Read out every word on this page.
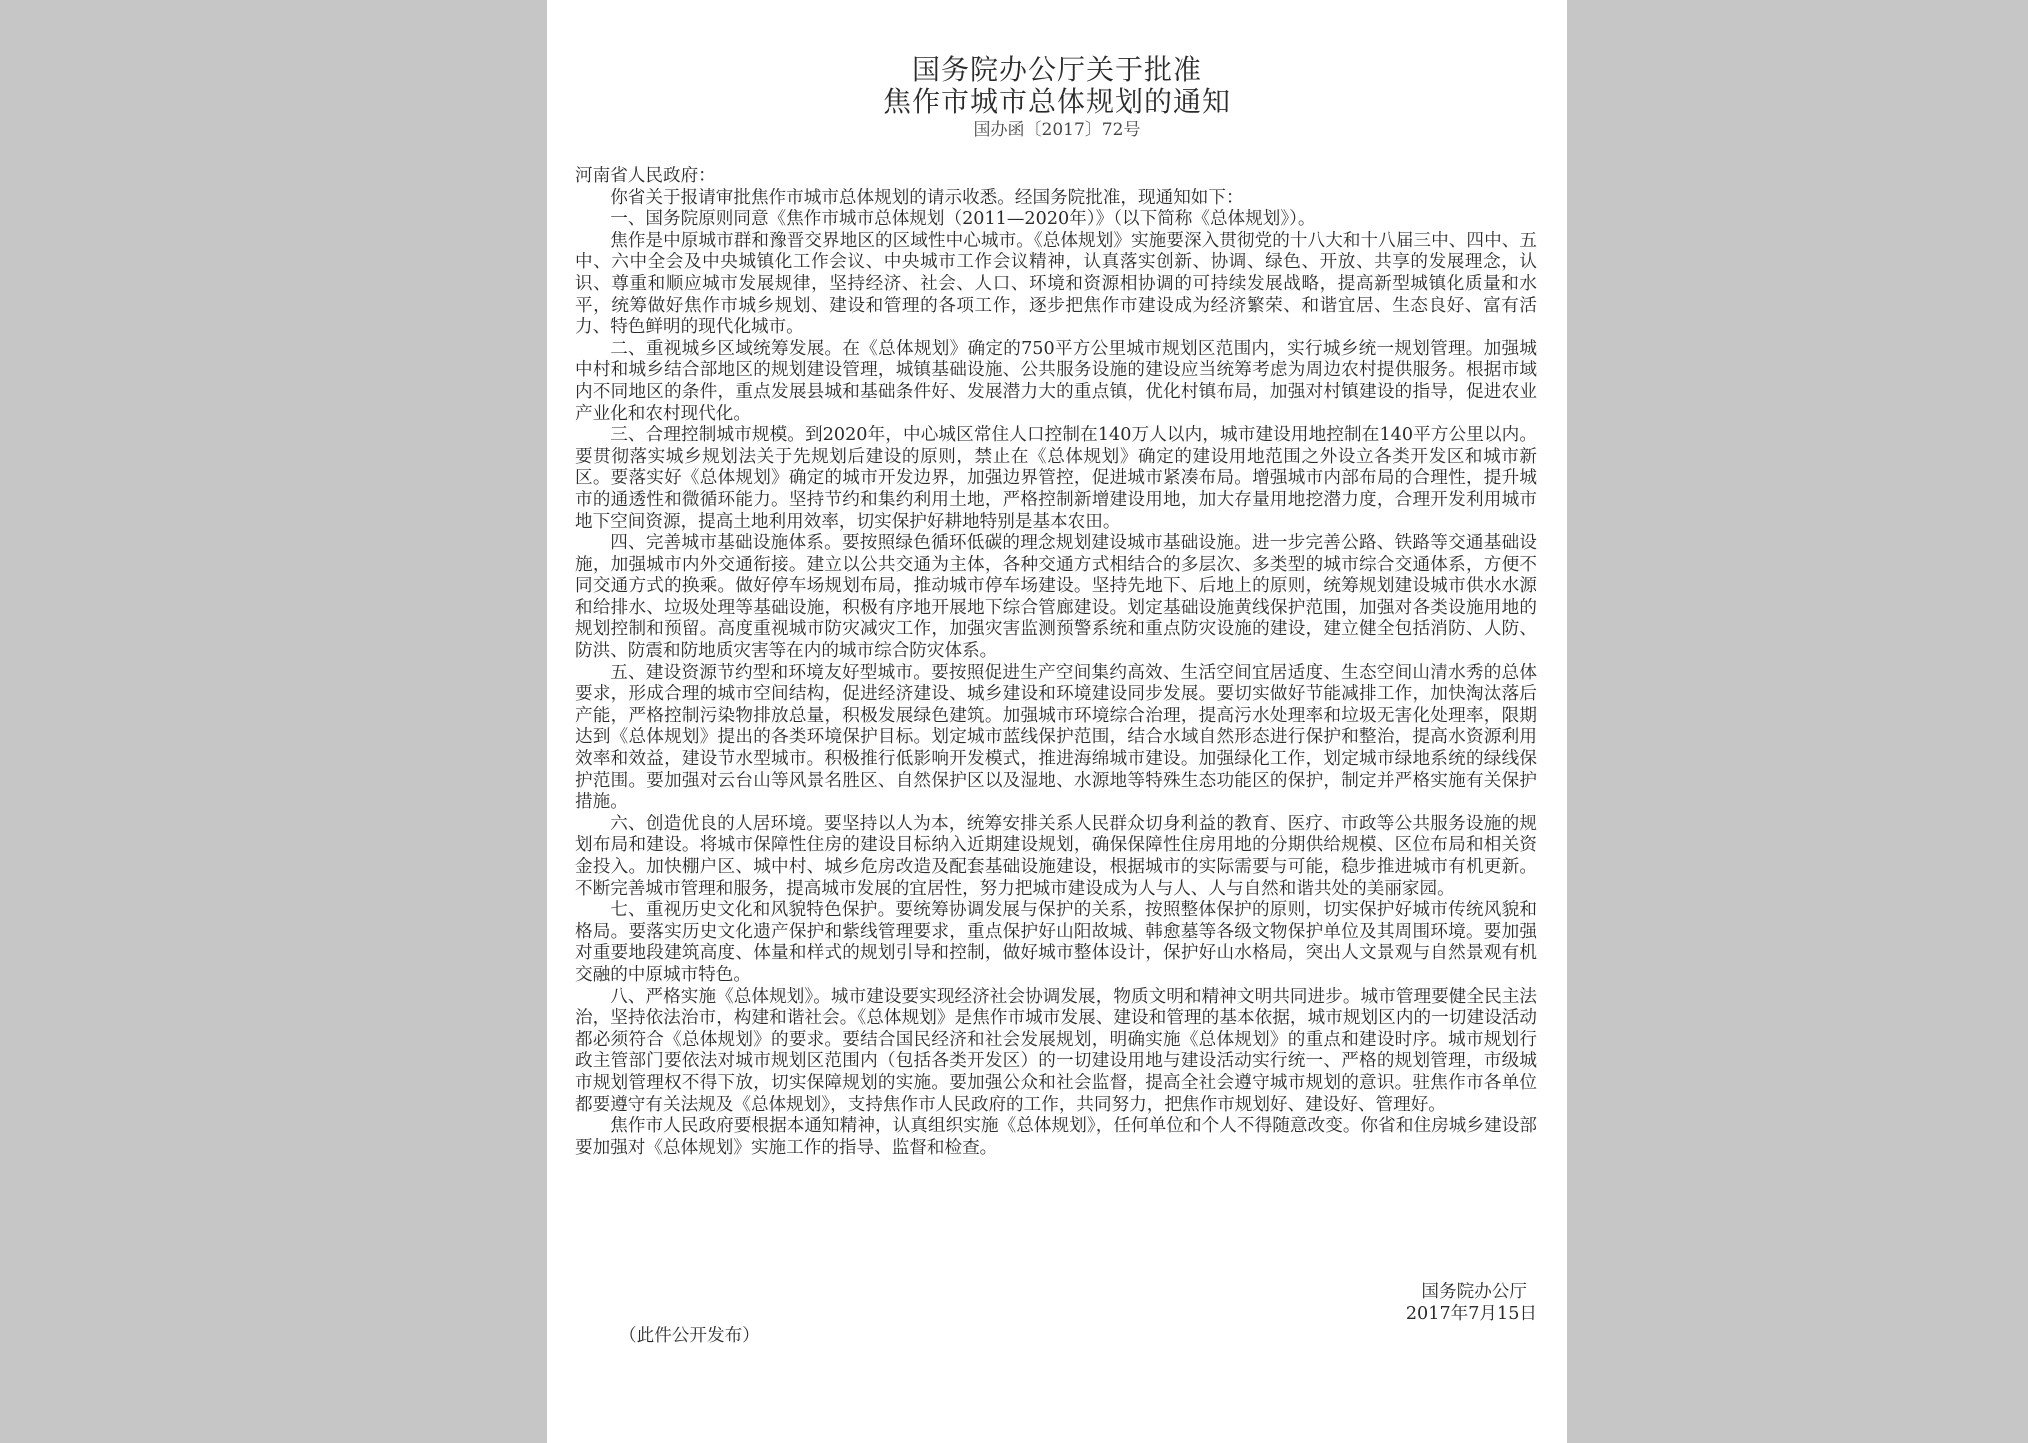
国务院办公厅关于批准
焦作市城市总体规划的通知
国办函〔2017〕72号

河南省人民政府：

你省关于报请审批焦作市城市总体规划的请示收悉。经国务院批准，现通知如下：

一、国务院原则同意《焦作市城市总体规划（2011—2020年）》（以下简称《总体规划》）。

焦作是中原城市群和豫晋交界地区的区域性中心城市。《总体规划》实施要深入贯彻党的十八大和十八届三中、四中、五中、六中全会及中央城镇化工作会议、中央城市工作会议精神，认真落实创新、协调、绿色、开放、共享的发展理念，认识、尊重和顺应城市发展规律，坚持经济、社会、人口、环境和资源相协调的可持续发展战略，提高新型城镇化质量和水平，统筹做好焦作市城乡规划、建设和管理的各项工作，逐步把焦作市建设成为经济繁荣、和谐宜居、生态良好、富有活力、特色鲜明的现代化城市。

二、重视城乡区域统筹发展。在《总体规划》确定的750平方公里城市规划区范围内，实行城乡统一规划管理。加强城中村和城乡结合部地区的规划建设管理，城镇基础设施、公共服务设施的建设应当统筹考虑为周边农村提供服务。根据市域内不同地区的条件，重点发展县城和基础条件好、发展潜力大的重点镇，优化村镇布局，加强对村镇建设的指导，促进农业产业化和农村现代化。

三、合理控制城市规模。到2020年，中心城区常住人口控制在140万人以内，城市建设用地控制在140平方公里以内。要贯彻落实城乡规划法关于先规划后建设的原则，禁止在《总体规划》确定的建设用地范围之外设立各类开发区和城市新区。要落实好《总体规划》确定的城市开发边界，加强边界管控，促进城市紧凑布局。增强城市内部布局的合理性，提升城市的通透性和微循环能力。坚持节约和集约利用土地，严格控制新增建设用地，加大存量用地挖潜力度，合理开发利用城市地下空间资源，提高土地利用效率，切实保护好耕地特别是基本农田。

四、完善城市基础设施体系。要按照绿色循环低碳的理念规划建设城市基础设施。进一步完善公路、铁路等交通基础设施，加强城市内外交通衔接。建立以公共交通为主体，各种交通方式相结合的多层次、多类型的城市综合交通体系，方便不同交通方式的换乘。做好停车场规划布局，推动城市停车场建设。坚持先地下、后地上的原则，统筹规划建设城市供水水源和给排水、垃圾处理等基础设施，积极有序地开展地下综合管廊建设。划定基础设施黄线保护范围，加强对各类设施用地的规划控制和预留。高度重视城市防灾减灾工作，加强灾害监测预警系统和重点防灾设施的建设，建立健全包括消防、人防、防洪、防震和防地质灾害等在内的城市综合防灾体系。

五、建设资源节约型和环境友好型城市。要按照促进生产空间集约高效、生活空间宜居适度、生态空间山清水秀的总体要求，形成合理的城市空间结构，促进经济建设、城乡建设和环境建设同步发展。要切实做好节能减排工作，加快淘汰落后产能，严格控制污染物排放总量，积极发展绿色建筑。加强城市环境综合治理，提高污水处理率和垃圾无害化处理率，限期达到《总体规划》提出的各类环境保护目标。划定城市蓝线保护范围，结合水域自然形态进行保护和整治，提高水资源利用效率和效益，建设节水型城市。积极推行低影响开发模式，推进海绵城市建设。加强绿化工作，划定城市绿地系统的绿线保护范围。要加强对云台山等风景名胜区、自然保护区以及湿地、水源地等特殊生态功能区的保护，制定并严格实施有关保护措施。

六、创造优良的人居环境。要坚持以人为本，统筹安排关系人民群众切身利益的教育、医疗、市政等公共服务设施的规划布局和建设。将城市保障性住房的建设目标纳入近期建设规划，确保保障性住房用地的分期供给规模、区位布局和相关资金投入。加快棚户区、城中村、城乡危房改造及配套基础设施建设，根据城市的实际需要与可能，稳步推进城市有机更新。不断完善城市管理和服务，提高城市发展的宜居性，努力把城市建设成为人与人、人与自然和谐共处的美丽家园。

七、重视历史文化和风貌特色保护。要统筹协调发展与保护的关系，按照整体保护的原则，切实保护好城市传统风貌和格局。要落实历史文化遗产保护和紫线管理要求，重点保护好山阳故城、韩愈墓等各级文物保护单位及其周围环境。要加强对重要地段建筑高度、体量和样式的规划引导和控制，做好城市整体设计，保护好山水格局，突出人文景观与自然景观有机交融的中原城市特色。

八、严格实施《总体规划》。城市建设要实现经济社会协调发展，物质文明和精神文明共同进步。城市管理要健全民主法治，坚持依法治市，构建和谐社会。《总体规划》是焦作市城市发展、建设和管理的基本依据，城市规划区内的一切建设活动都必须符合《总体规划》的要求。要结合国民经济和社会发展规划，明确实施《总体规划》的重点和建设时序。城市规划行政主管部门要依法对城市规划区范围内（包括各类开发区）的一切建设用地与建设活动实行统一、严格的规划管理，市级城市规划管理权不得下放，切实保障规划的实施。要加强公众和社会监督，提高全社会遵守城市规划的意识。驻焦作市各单位都要遵守有关法规及《总体规划》，支持焦作市人民政府的工作，共同努力，把焦作市规划好、建设好、管理好。

焦作市人民政府要根据本通知精神，认真组织实施《总体规划》，任何单位和个人不得随意改变。你省和住房城乡建设部要加强对《总体规划》实施工作的指导、监督和检查。

国务院办公厅
2017年7月15日
（此件公开发布）
